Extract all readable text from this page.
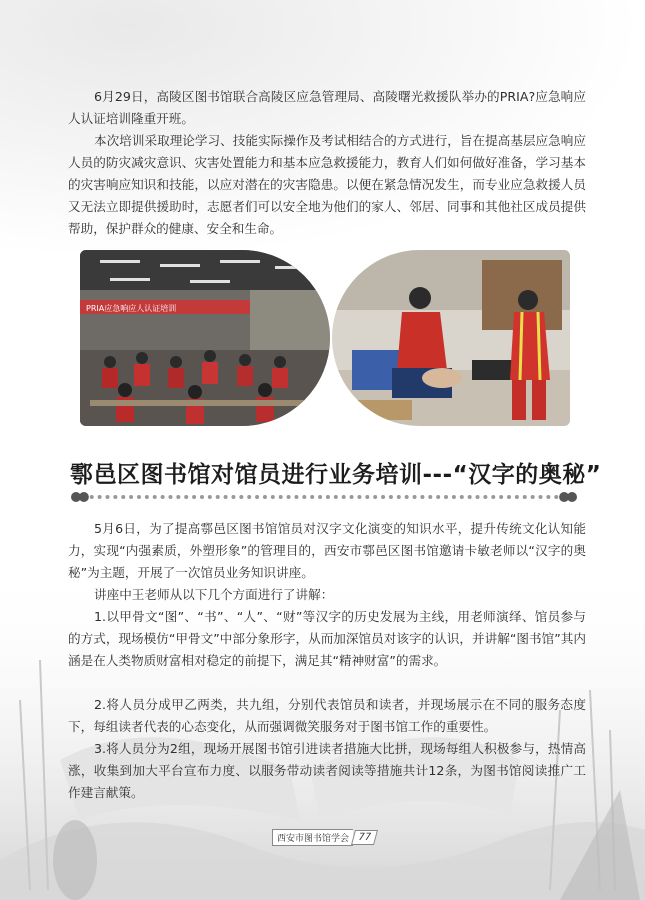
6月29日，高陵区图书馆联合高陵区应急管理局、高陵曙光救援队举办的PRIA?应急响应人认证培训隆重开班。

本次培训采取理论学习、技能实际操作及考试相结合的方式进行，旨在提高基层应急响应人员的防灾减灾意识、灾害处置能力和基本应急救援能力，教育人们如何做好准备，学习基本的灾害响应知识和技能，以应对潜在的灾害隐患。以便在紧急情况发生，而专业应急救援人员又无法立即提供援助时，志愿者们可以安全地为他们的家人、邻居、同事和其他社区成员提供帮助，保护群众的健康、安全和生命。

PRIA应急响应人认证培训
鄠邑区图书馆对馆员进行业务培训---“汉字的奥秘”

5月6日，为了提高鄠邑区图书馆馆员对汉字文化演变的知识水平，提升传统文化认知能力，实现“内强素质，外塑形象”的管理目的，西安市鄠邑区图书馆邀请卡敏老师以“汉字的奥秘”为主题，开展了一次馆员业务知识讲座。

讲座中王老师从以下几个方面进行了讲解：

1.以甲骨文“图”、“书”、“人”、“财”等汉字的历史发展为主线，用老师演绎、馆员参与的方式，现场模仿“甲骨文”中部分象形字，从而加深馆员对该字的认识，并讲解“图书馆”其内涵是在人类物质财富相对稳定的前提下，满足其“精神财富”的需求。

2.将人员分成甲乙两类，共九组，分别代表馆员和读者，并现场展示在不同的服务态度下，每组读者代表的心态变化，从而强调微笑服务对于图书馆工作的重要性。

3.将人员分为2组，现场开展图书馆引进读者措施大比拼，现场每组人积极参与，热情高涨，收集到加大平台宣布力度、以服务带动读者阅读等措施共计12条，为图书馆阅读推广工作建言献策。

西安市图书馆学会 77
